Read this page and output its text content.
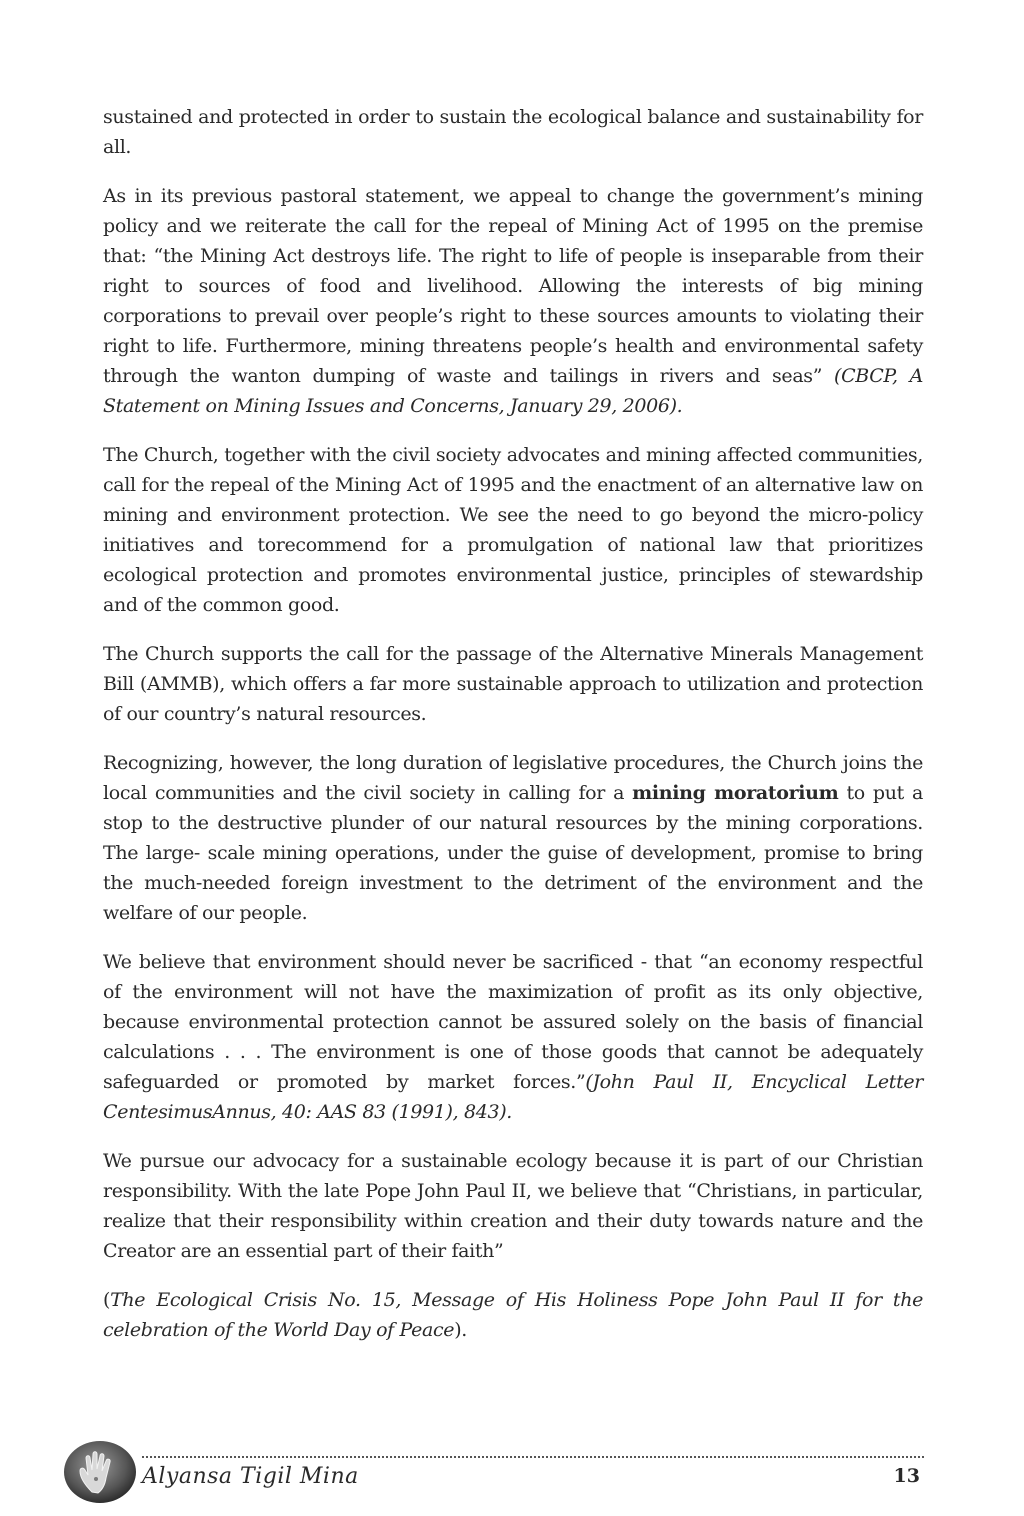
sustained and protected in order to sustain the ecological balance and sustainability for all.

As in its previous pastoral statement, we appeal to change the government’s mining policy and we reiterate the call for the repeal of Mining Act of 1995 on the premise that: “the Mining Act destroys life. The right to life of people is inseparable from their right to sources of food and livelihood. Allowing the interests of big mining corporations to prevail over people’s right to these sources amounts to violating their right to life. Furthermore, mining threatens people’s health and environmental safety through the wanton dumping of waste and tailings in rivers and seas” (CBCP, A Statement on Mining Issues and Concerns, January 29, 2006).

The Church, together with the civil society advocates and mining affected communities, call for the repeal of the Mining Act of 1995 and the enactment of an alternative law on mining and environment protection. We see the need to go beyond the micro-policy initiatives and torecommend for a promulgation of national law that prioritizes ecological protection and promotes environmental justice, principles of stewardship and of the common good.

The Church supports the call for the passage of the Alternative Minerals Management Bill (AMMB), which offers a far more sustainable approach to utilization and protection of our country’s natural resources.

Recognizing, however, the long duration of legislative procedures, the Church joins the local communities and the civil society in calling for a mining moratorium to put a stop to the destructive plunder of our natural resources by the mining corporations. The large- scale mining operations, under the guise of development, promise to bring the much-needed foreign investment to the detriment of the environment and the welfare of our people.

We believe that environment should never be sacrificed - that “an economy respectful of the environment will not have the maximization of profit as its only objective, because environmental protection cannot be assured solely on the basis of financial calculations . . . The environment is one of those goods that cannot be adequately safeguarded or promoted by market forces.”(John Paul II, Encyclical Letter CentesimusAnnus, 40: AAS 83 (1991), 843).

We pursue our advocacy for a sustainable ecology because it is part of our Christian responsibility. With the late Pope John Paul II, we believe that “Christians, in particular, realize that their responsibility within creation and their duty towards nature and the Creator are an essential part of their faith”

(The Ecological Crisis No. 15, Message of His Holiness Pope John Paul II for the celebration of the World Day of Peace).

Alyansa Tigil Mina	13
